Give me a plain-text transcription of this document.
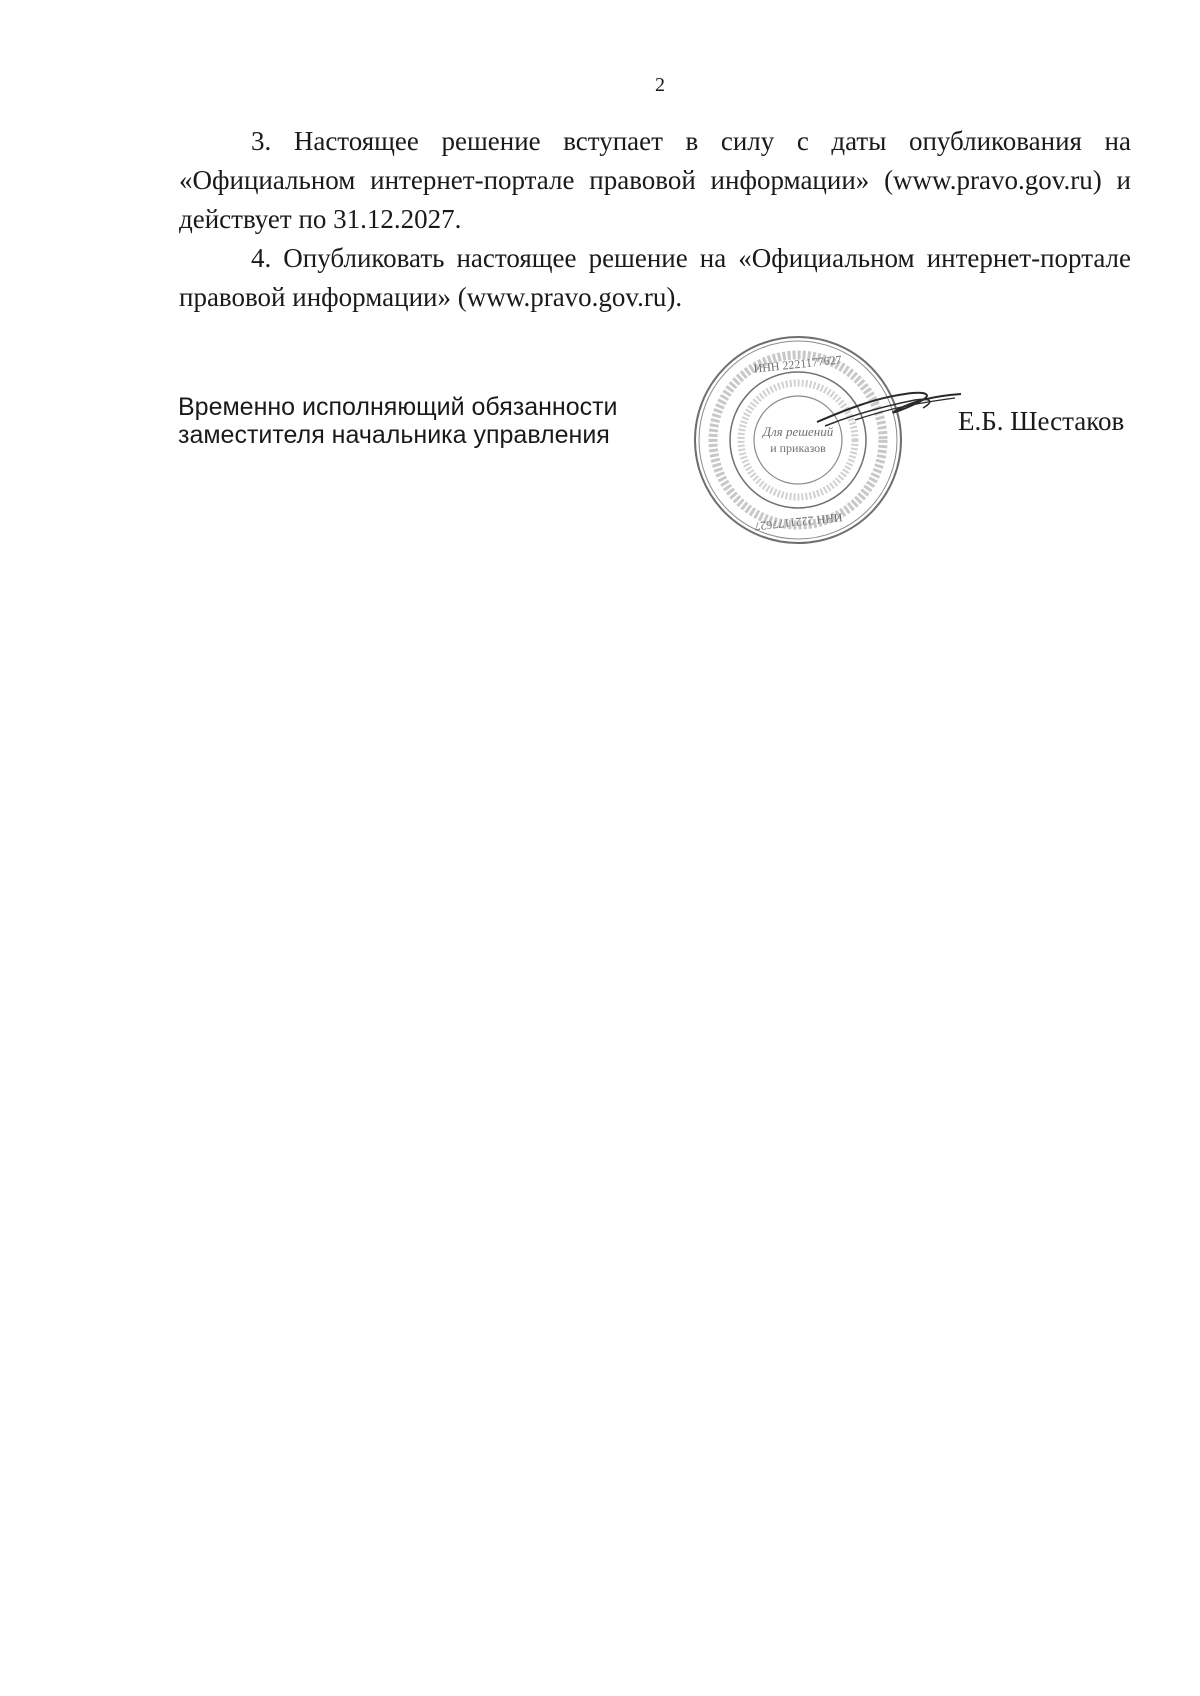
2

3. Настоящее решение вступает в силу с даты опубликования на «Официальном интернет-портале правовой информации» (www.pravo.gov.ru) и действует по 31.12.2027.

4. Опубликовать настоящее решение на «Официальном интернет-портале правовой информации» (www.pravo.gov.ru).

Временно исполняющий обязанности
заместителя начальника управления	Для решений
и приказов
ИНН 2221177627
ИНН 2221177627
Е.Б. Шестаков
